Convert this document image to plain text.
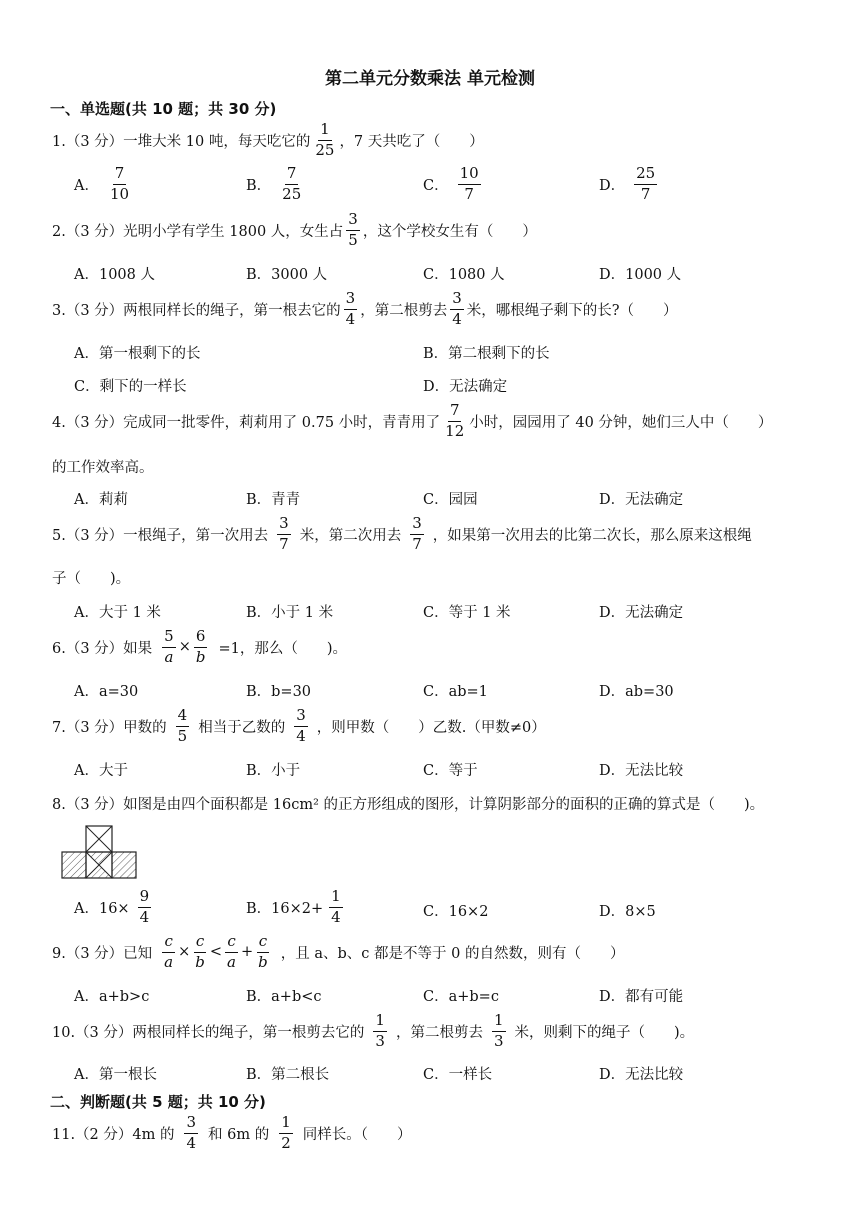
第二单元分数乘法 单元检测
一、单选题(共 10 题；共 30 分)
1.（3 分）一堆大米 10 吨，每天吃它的 $\frac{1}{25}$ ，7 天共吃了（　　）
A． $\frac{7}{10}$	B． $\frac{7}{25}$	C． $\frac{10}{7}$	D． $\frac{25}{7}$
2.（3 分）光明小学有学生 1800 人，女生占 $\frac{3}{5}$ ，这个学校女生有（　　）
A．1008 人	B．3000 人	C．1080 人	D．1000 人
3.（3 分）两根同样长的绳子，第一根去它的 $\frac{3}{4}$ ，第二根剪去 $\frac{3}{4}$ 米，哪根绳子剩下的长?（　　）
A．第一根剩下的长	B．第二根剩下的长
C．剩下的一样长	D．无法确定
4.（3 分）完成同一批零件，莉莉用了 0.75 小时，青青用了 $\frac{7}{12}$ 小时，园园用了 40 分钟，她们三人中（　　）
的工作效率高。
A．莉莉	B．青青	C．园园	D．无法确定
5.（3 分）一根绳子，第一次用去 $\frac{3}{7}$ 米，第二次用去 $\frac{3}{7}$ ，如果第一次用去的比第二次长，那么原来这根绳
子（　　)。
A．大于 1 米	B．小于 1 米	C．等于 1 米	D．无法确定
6.（3 分）如果 $\frac{5}{a} \times \frac{6}{b} =1$，那么（　　)。
A．a=30	B．b=30	C．ab=1	D．ab=30
7.（3 分）甲数的 $\frac{4}{5}$ 相当于乙数的 $\frac{3}{4}$ ，则甲数（　　）乙数.（甲数≠0）
A．大于	B．小于	C．等于	D．无法比较
8.（3 分）如图是由四个面积都是 16cm² 的正方形组成的图形，计算阴影部分的面积的正确的算式是（　　)。
A．$16\times \frac{9}{4}$	B．$16\times 2+ \frac{1}{4}$	C．16×2	D．8×5
9.（3 分）已知 $\frac{c}{a} \times \frac{c}{b} < \frac{c}{a} + \frac{c}{b}$ ，且 a、b、c 都是不等于 0 的自然数，则有（　　）
A．a+b>c	B．a+b<c	C．a+b=c	D．都有可能
10.（3 分）两根同样长的绳子，第一根剪去它的 $\frac{1}{3}$ ，第二根剪去 $\frac{1}{3}$ 米，则剩下的绳子（　　)。
A．第一根长	B．第二根长	C．一样长	D．无法比较
二、判断题(共 5 题；共 10 分)
11.（2 分）4m 的 $\frac{3}{4}$ 和 6m 的 $\frac{1}{2}$ 同样长。（　　）
